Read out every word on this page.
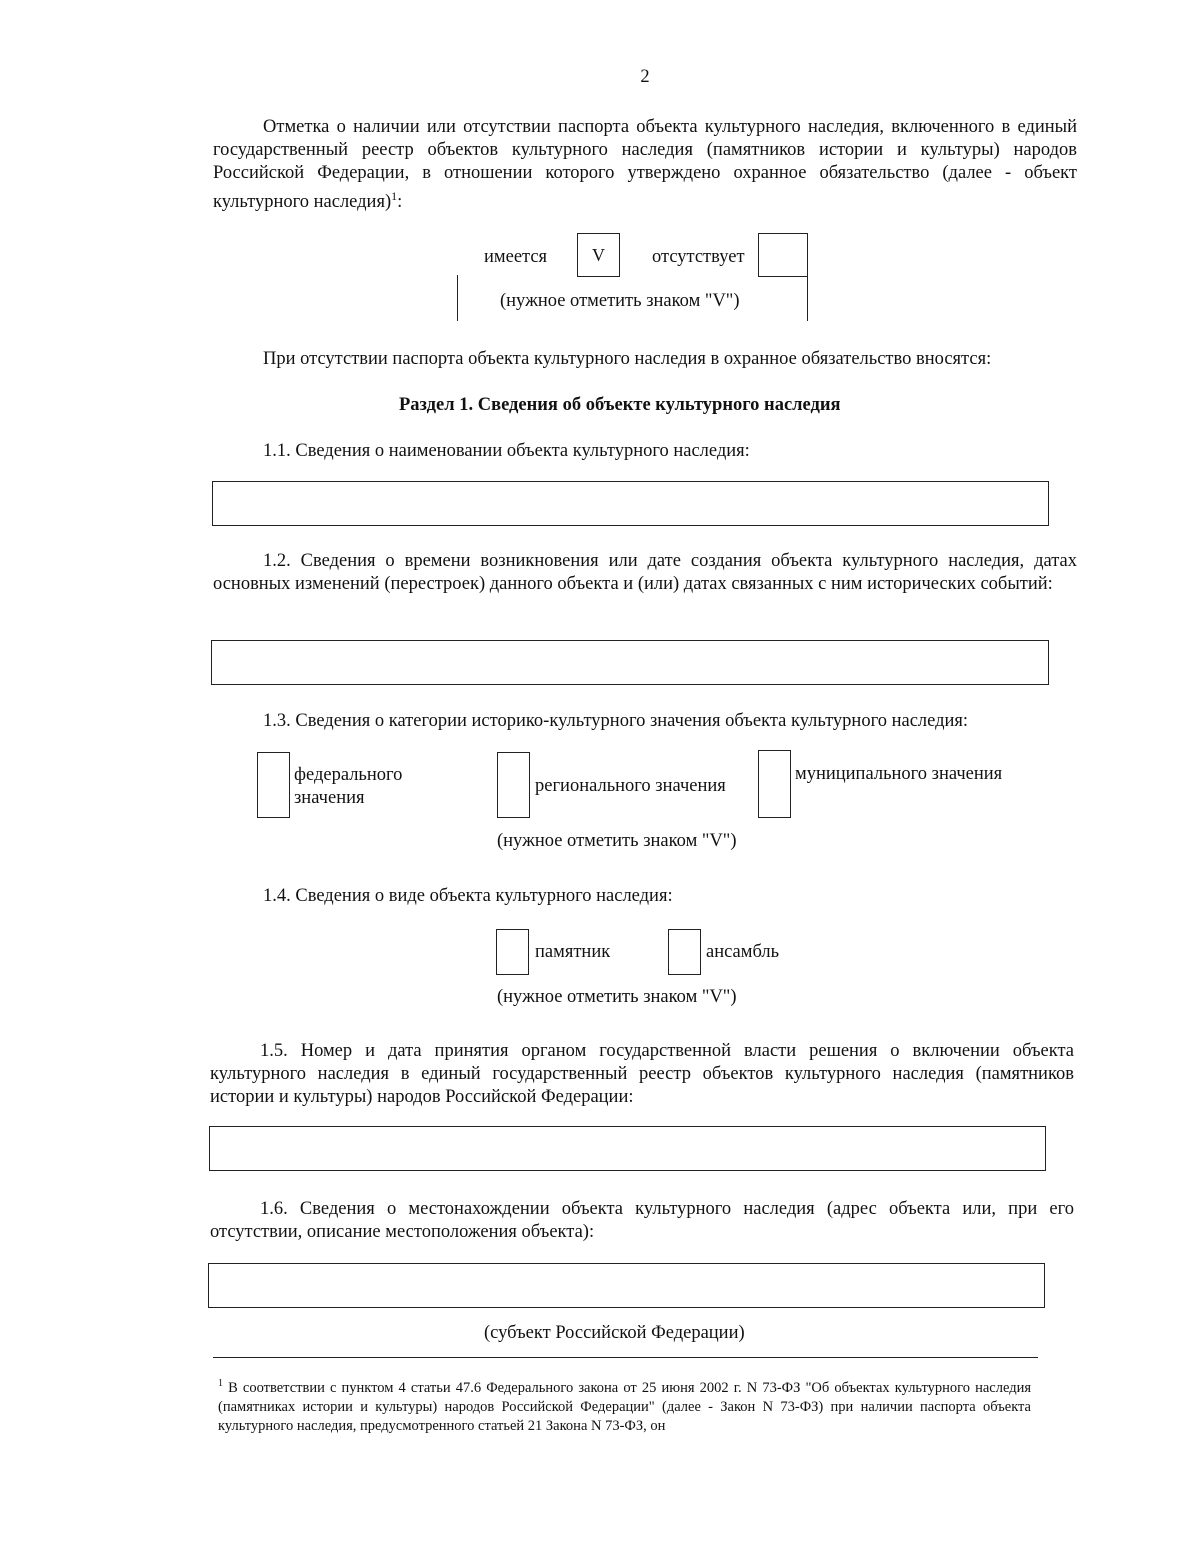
2
Отметка о наличии или отсутствии паспорта объекта культурного наследия, включенного в единый государственный реестр объектов культурного наследия (памятников истории и культуры) народов Российской Федерации, в отношении которого утверждено охранное обязательство (далее - объект культурного наследия)$^1$:
имеется	V	отсутствует
(нужное отметить знаком "V")
При отсутствии паспорта объекта культурного наследия в охранное обязательство вносятся:
Раздел 1. Сведения об объекте культурного наследия
1.1. Сведения о наименовании объекта культурного наследия:
1.2. Сведения о времени возникновения или дате создания объекта культурного наследия, датах основных изменений (перестроек) данного объекта и (или) датах связанных с ним исторических событий:
1.3. Сведения о категории историко-культурного значения объекта культурного наследия:
федерального значения
регионального значения
муниципального значения
(нужное отметить знаком "V")
1.4. Сведения о виде объекта культурного наследия:
памятник	ансамбль
(нужное отметить знаком "V")
1.5. Номер и дата принятия органом государственной власти решения о включении объекта культурного наследия в единый государственный реестр объектов культурного наследия (памятников истории и культуры) народов Российской Федерации:
1.6. Сведения о местонахождении объекта культурного наследия (адрес объекта или, при его отсутствии, описание местоположения объекта):
(субъект Российской Федерации)
$^1$ В соответствии с пунктом 4 статьи 47.6 Федерального закона от 25 июня 2002 г. N 73-ФЗ "Об объектах культурного наследия (памятниках истории и культуры) народов Российской Федерации" (далее - Закон N 73-ФЗ) при наличии паспорта объекта культурного наследия, предусмотренного статьей 21 Закона N 73-ФЗ, он
